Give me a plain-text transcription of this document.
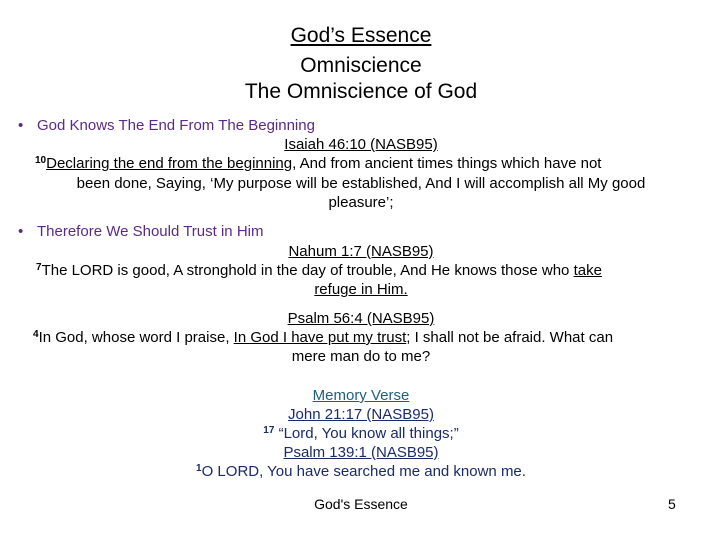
God’s Essence
Omniscience
The Omniscience of God
• God Knows The End From The Beginning
Isaiah 46:10 (NASB95)
$^{10}$Declaring the end from the beginning, And from ancient times things which have not
been done, Saying, ‘My purpose will be established, And I will accomplish all My good
pleasure’;
• Therefore We Should Trust in Him
Nahum 1:7 (NASB95)
$^7$The LORD is good, A stronghold in the day of trouble, And He knows those who take
refuge in Him.
Psalm 56:4 (NASB95)
$^4$In God, whose word I praise, In God I have put my trust; I shall not be afraid. What can
mere man do to me?
Memory Verse
John 21:17 (NASB95)
$^{17}$ “Lord, You know all things;”
Psalm 139:1 (NASB95)
$^1$O LORD, You have searched me and known me.
God's Essence	5
